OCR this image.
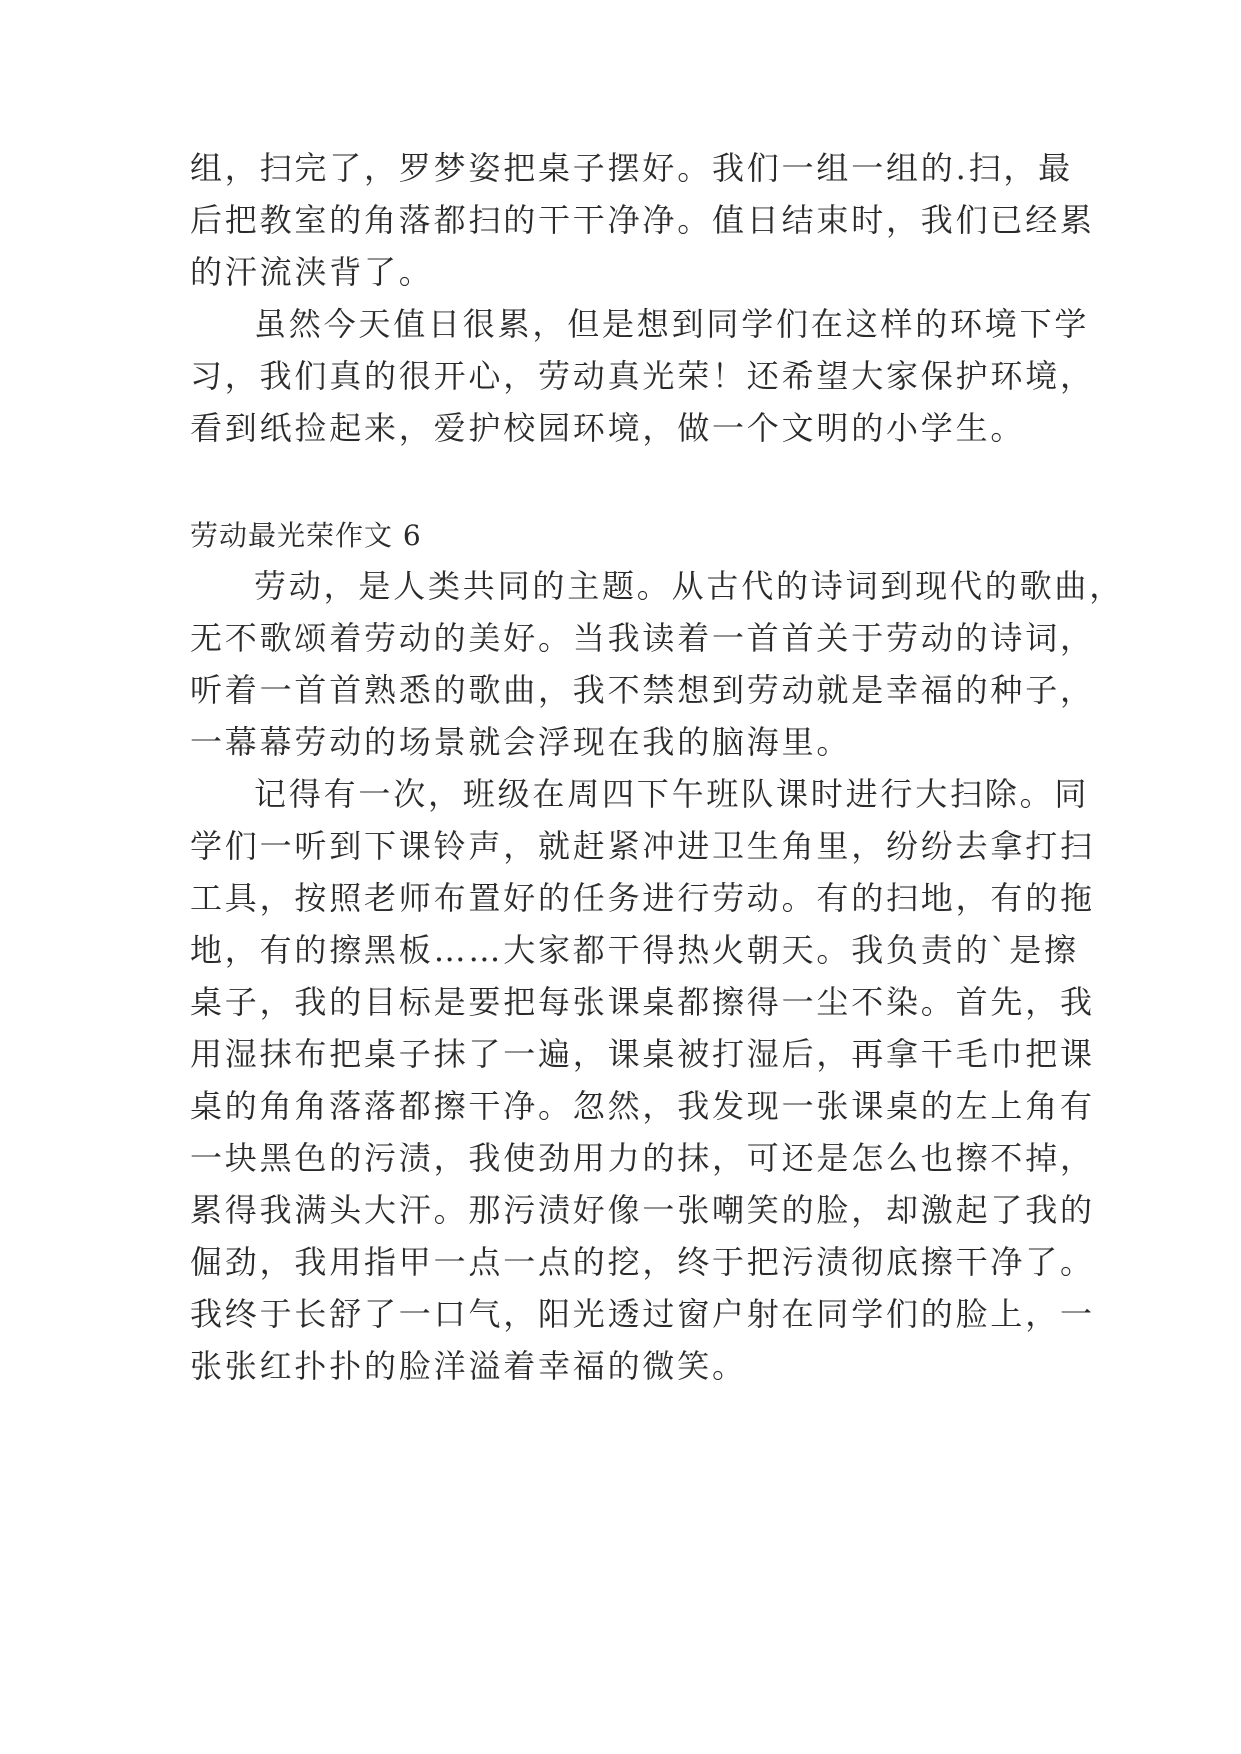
组，扫完了，罗梦姿把桌子摆好。我们一组一组的.扫，最
后把教室的角落都扫的干干净净。值日结束时，我们已经累
的汗流浃背了。
虽然今天值日很累，但是想到同学们在这样的环境下学
习，我们真的很开心，劳动真光荣！还希望大家保护环境，
看到纸捡起来，爱护校园环境，做一个文明的小学生。
劳动最光荣作文 6
劳动，是人类共同的主题。从古代的诗词到现代的歌曲，
无不歌颂着劳动的美好。当我读着一首首关于劳动的诗词，
听着一首首熟悉的歌曲，我不禁想到劳动就是幸福的种子，
一幕幕劳动的场景就会浮现在我的脑海里。
记得有一次，班级在周四下午班队课时进行大扫除。同
学们一听到下课铃声，就赶紧冲进卫生角里，纷纷去拿打扫
工具，按照老师布置好的任务进行劳动。有的扫地，有的拖
地，有的擦黑板……大家都干得热火朝天。我负责的`是擦
桌子，我的目标是要把每张课桌都擦得一尘不染。首先，我
用湿抹布把桌子抹了一遍，课桌被打湿后，再拿干毛巾把课
桌的角角落落都擦干净。忽然，我发现一张课桌的左上角有
一块黑色的污渍，我使劲用力的抹，可还是怎么也擦不掉，
累得我满头大汗。那污渍好像一张嘲笑的脸，却激起了我的
倔劲，我用指甲一点一点的挖，终于把污渍彻底擦干净了。
我终于长舒了一口气，阳光透过窗户射在同学们的脸上，一
张张红扑扑的脸洋溢着幸福的微笑。
